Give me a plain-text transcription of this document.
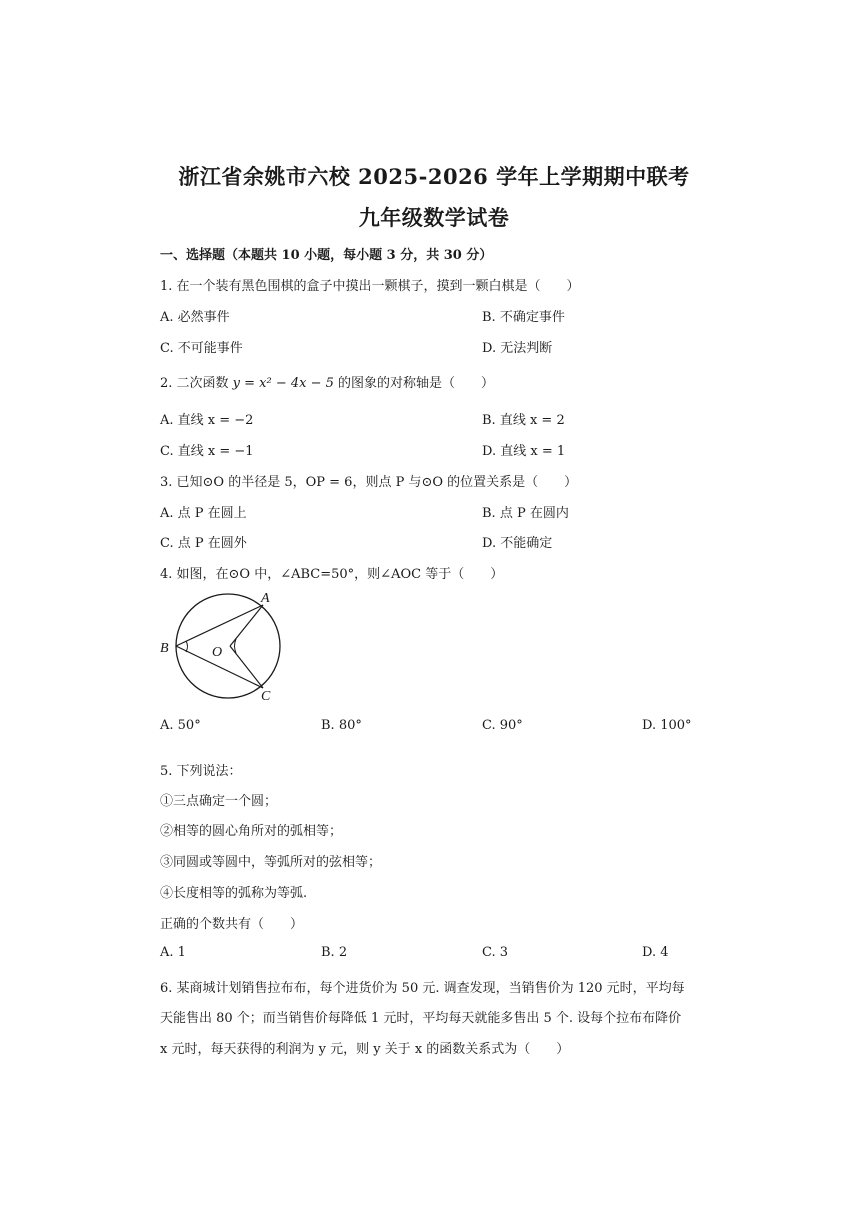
浙江省余姚市六校 2025-2026 学年上学期期中联考
九年级数学试卷
一、选择题（本题共 10 小题，每小题 3 分，共 30 分）
1. 在一个装有黑色围棋的盒子中摸出一颗棋子，摸到一颗白棋是（　　）
A. 必然事件	B. 不确定事件
C. 不可能事件	D. 无法判断
2. 二次函数 y = x² − 4x − 5 的图象的对称轴是（　　）
A. 直线 x = −2	B. 直线 x = 2
C. 直线 x = −1	D. 直线 x = 1
3. 已知⊙O 的半径是 5，OP = 6，则点 P 与⊙O 的位置关系是（　　）
A. 点 P 在圆上	B. 点 P 在圆内
C. 点 P 在圆外	D. 不能确定
4. 如图，在⊙O 中，∠ABC=50°，则∠AOC 等于（　　）
A
B
C
O
A. 50°	B. 80°	C. 90°	D. 100°
5. 下列说法：
①三点确定一个圆；
②相等的圆心角所对的弧相等；
③同圆或等圆中，等弧所对的弦相等；
④长度相等的弧称为等弧.
正确的个数共有（　　）
A. 1	B. 2	C. 3	D. 4
6. 某商城计划销售拉布布，每个进货价为 50 元. 调查发现，当销售价为 120 元时，平均每
天能售出 80 个；而当销售价每降低 1 元时，平均每天就能多售出 5 个. 设每个拉布布降价
x 元时，每天获得的利润为 y 元，则 y 关于 x 的函数关系式为（　　）
